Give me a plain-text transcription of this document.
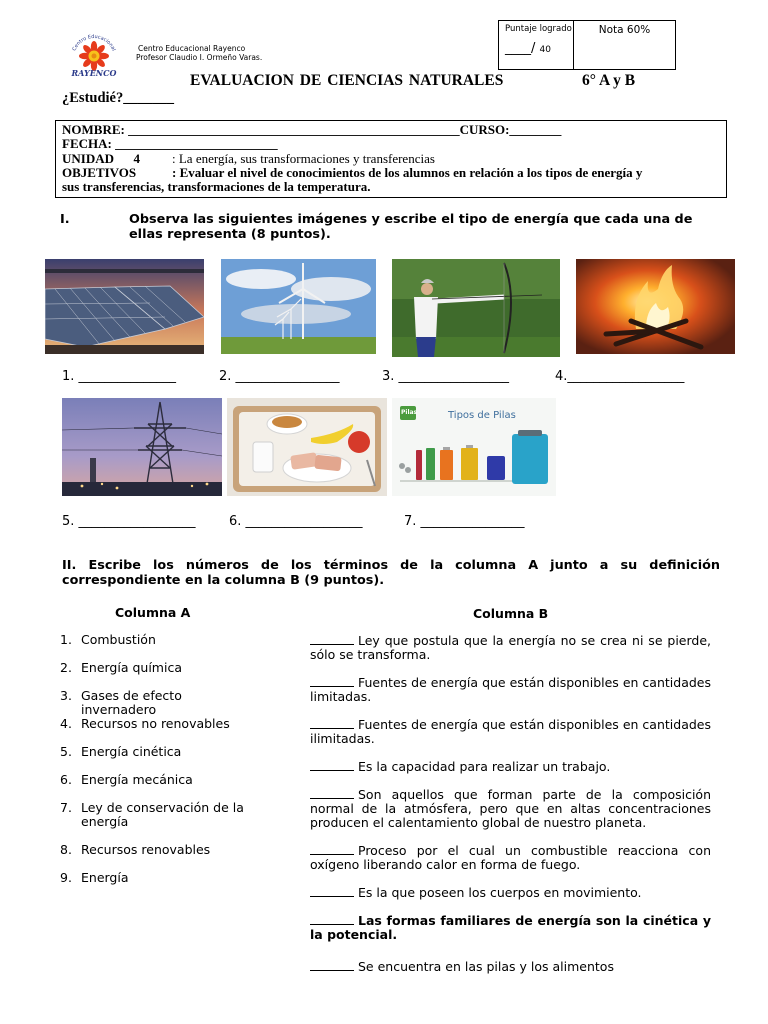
Centro Educacional
RAYENCO
Centro Educacional Rayenco
Profesor Claudio I. Ormeño Varas.
Puntaje logrado
____/ 40
Nota 60%
EVALUACION DE CIENCIAS NATURALES	6° A y B
¿Estudié?_______
NOMBRE: ___________________________________________________CURSO:________
FECHA: _________________________
UNIDAD      4 : La energía, sus transformaciones y transferencias
OBJETIVOS	: Evaluar el nivel de conocimientos de los alumnos en relación a los tipos de energía y
sus transferencias, transformaciones de la temperatura.
I.	Observa las siguientes imágenes y escribe el tipo de energía que cada una de ellas representa (8 puntos).
1. _______________	2. ________________	3. _________________	4.__________________
Pilas	Tipos de Pilas
5. __________________	6. __________________	7. ________________
II. Escribe los números de los términos de la columna A junto a su definición correspondiente en la columna B (9 puntos).
Columna A	Columna B
1. Combustión
2. Energía química
3. Gases de efecto invernadero
4. Recursos no renovables
5. Energía cinética
6. Energía mecánica
7. Ley de conservación de la energía
8. Recursos renovables
9. Energía
Ley que postula que la energía no se crea ni se pierde, sólo se transforma.
Fuentes de energía que están disponibles en cantidades limitadas.
Fuentes de energía que están disponibles en cantidades ilimitadas.
Es la capacidad para realizar un trabajo.
Son aquellos que forman parte de la composición normal de la atmósfera, pero que en altas concentraciones producen el calentamiento global de nuestro planeta.
Proceso por el cual un combustible reacciona con oxígeno liberando calor en forma de fuego.
Es la que poseen los cuerpos en movimiento.
Las formas familiares de energía son la cinética y la potencial.
Se encuentra en las pilas y los alimentos
